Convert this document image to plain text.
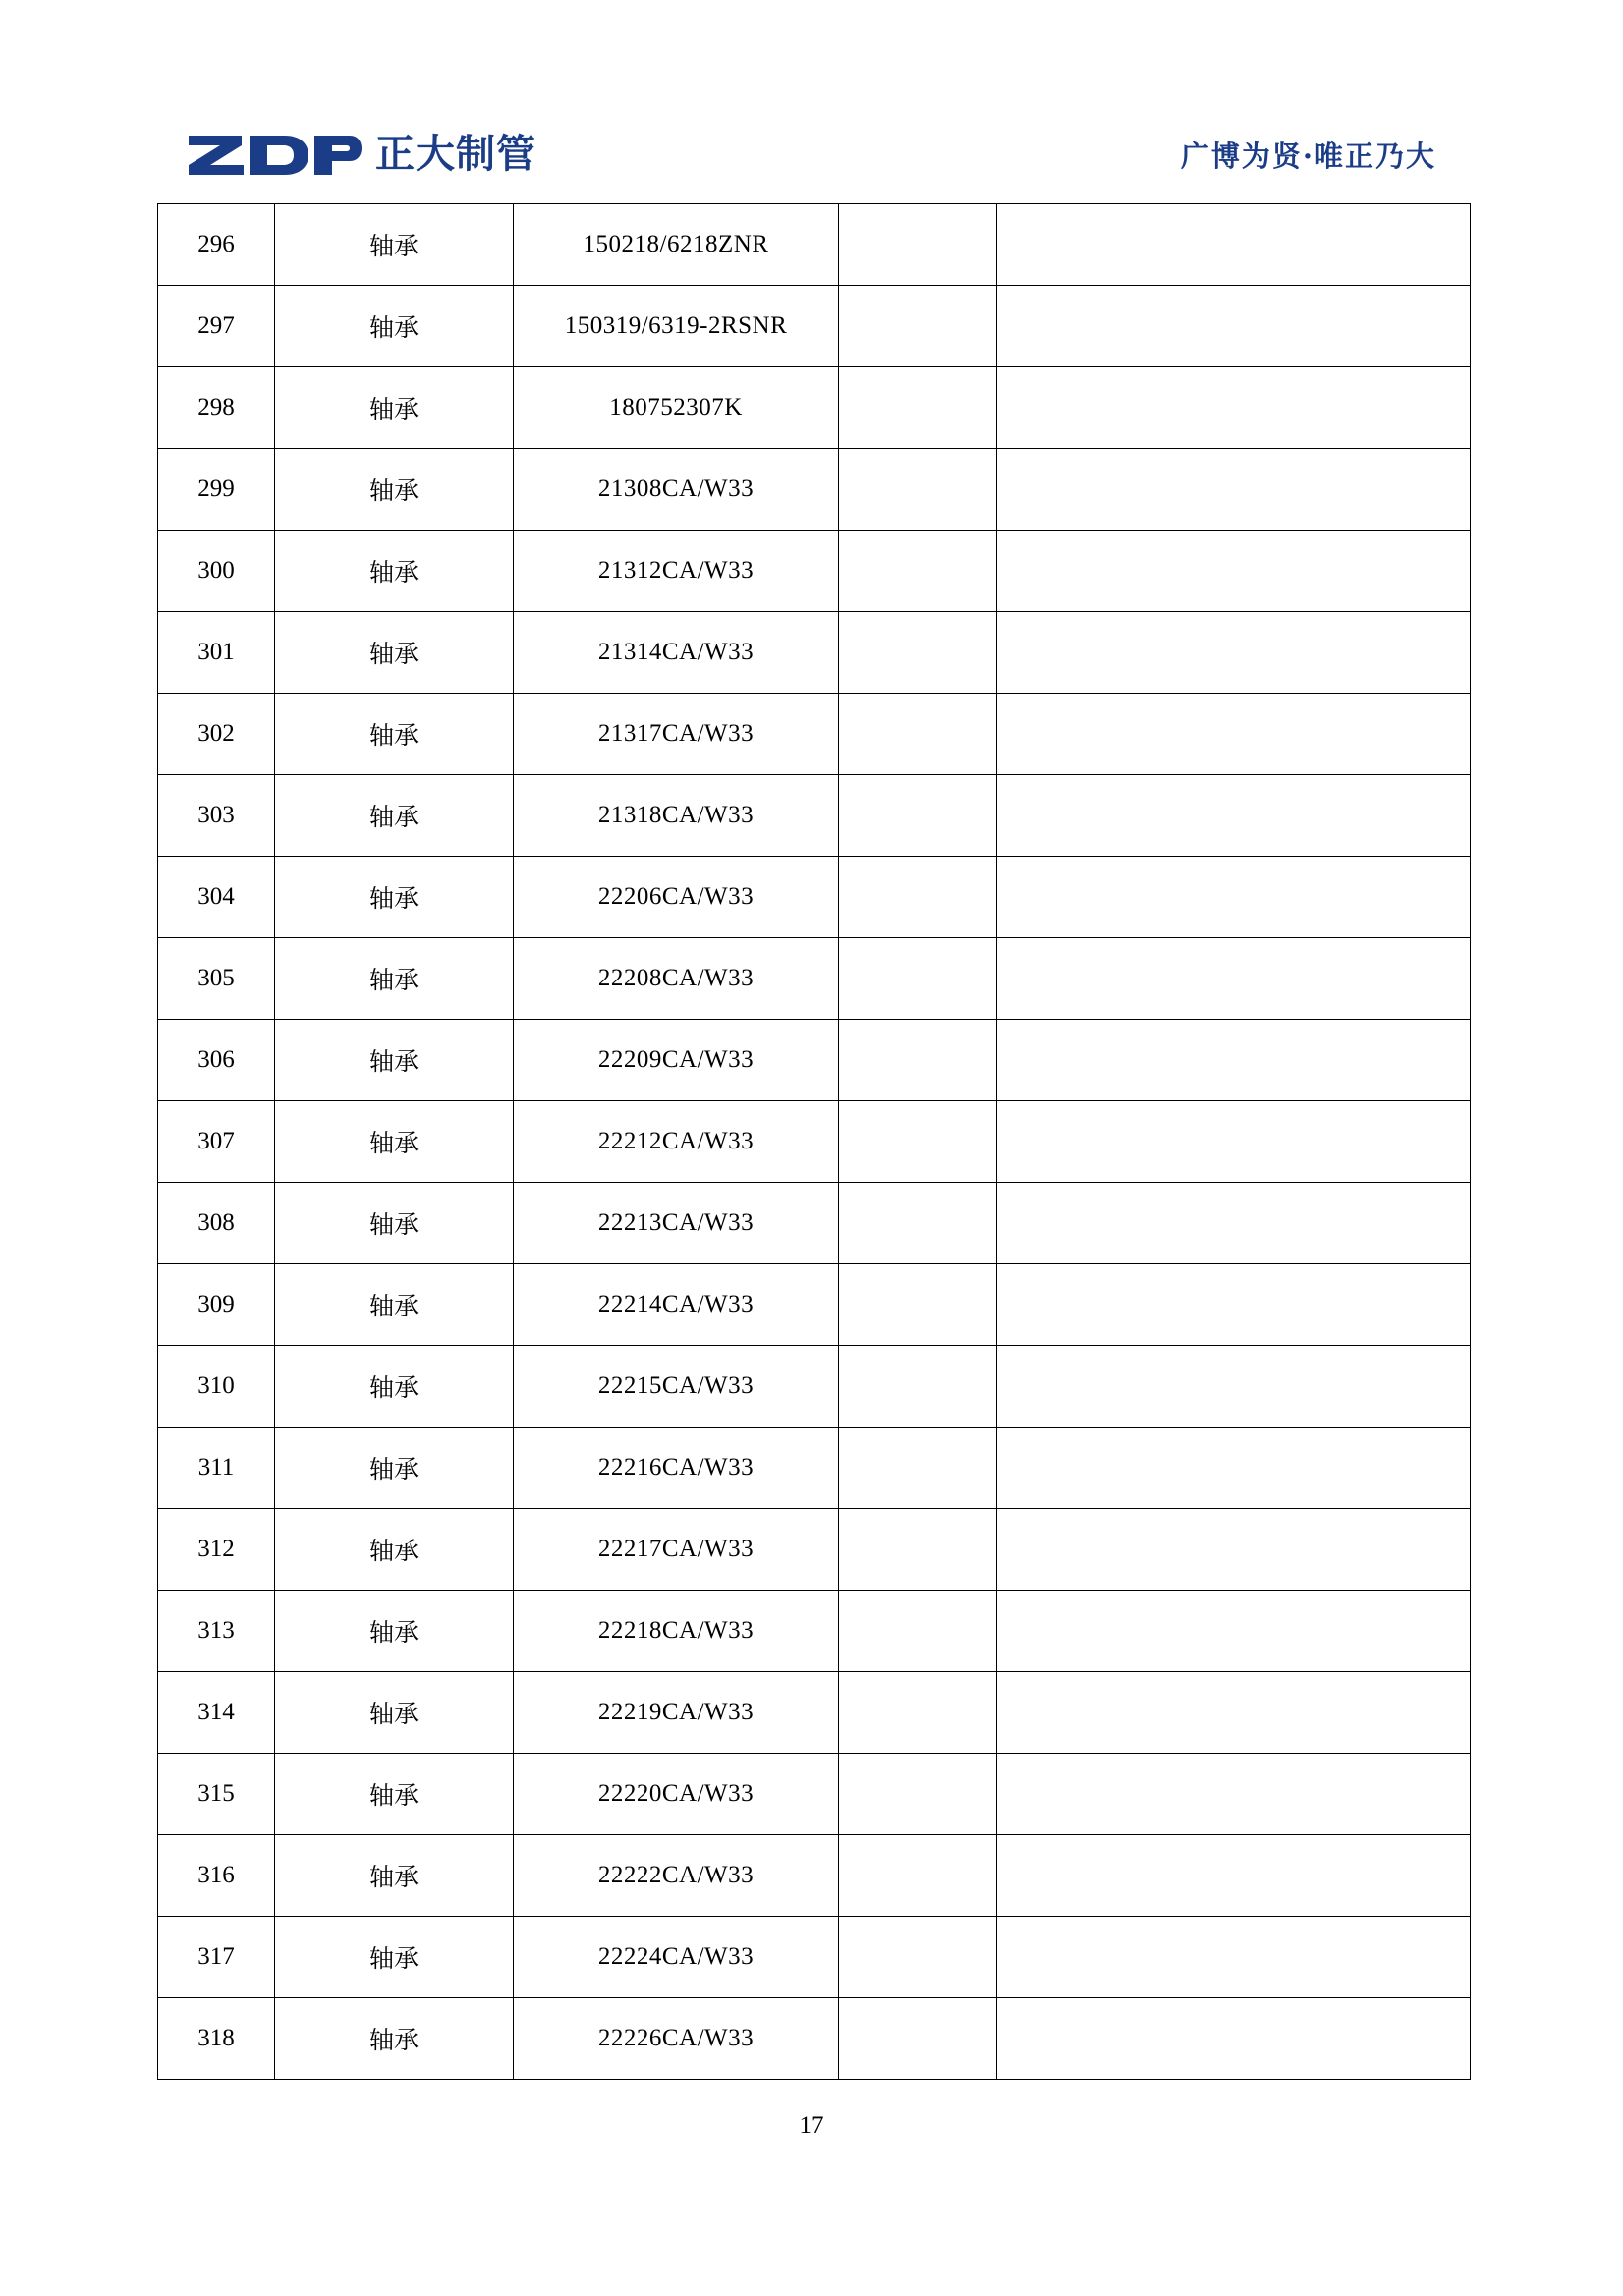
正大制管	广博为贤·唯正乃大
296	轴承	150218/6218ZNR			
297	轴承	150319/6319-2RSNR			
298	轴承	180752307K			
299	轴承	21308CA/W33			
300	轴承	21312CA/W33			
301	轴承	21314CA/W33			
302	轴承	21317CA/W33			
303	轴承	21318CA/W33			
304	轴承	22206CA/W33			
305	轴承	22208CA/W33			
306	轴承	22209CA/W33			
307	轴承	22212CA/W33			
308	轴承	22213CA/W33			
309	轴承	22214CA/W33			
310	轴承	22215CA/W33			
311	轴承	22216CA/W33			
312	轴承	22217CA/W33			
313	轴承	22218CA/W33			
314	轴承	22219CA/W33			
315	轴承	22220CA/W33			
316	轴承	22222CA/W33			
317	轴承	22224CA/W33			
318	轴承	22226CA/W33			
17
